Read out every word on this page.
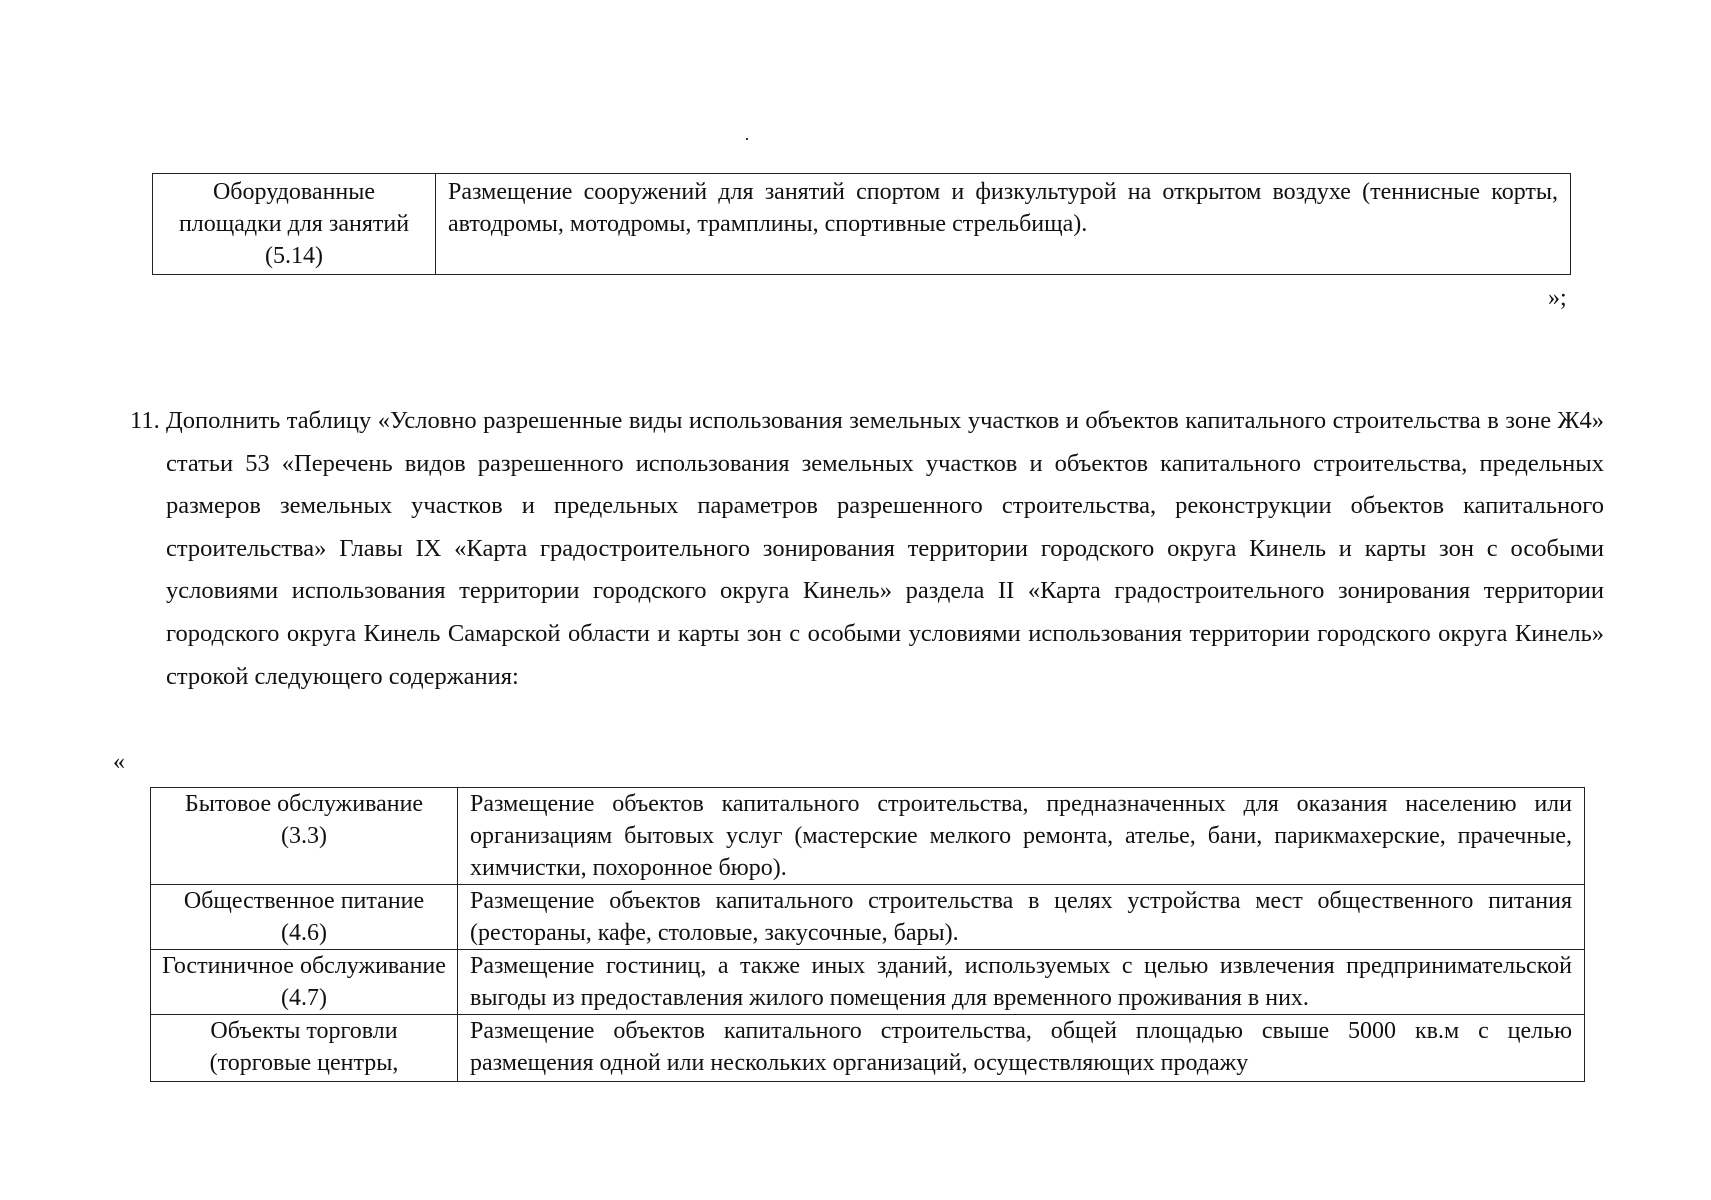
Оборудованные площадки для занятий (5.14)	Размещение сооружений для занятий спортом и физкультурой на открытом воздухе (теннисные корты, автодромы, мотодромы, трамплины, спортивные стрельбища).
»;
11. Дополнить таблицу «Условно разрешенные виды использования земельных участков и объектов капитального строительства в зоне Ж4» статьи 53 «Перечень видов разрешенного использования земельных участков и объектов капитального строительства, предельных размеров земельных участков и предельных параметров разрешенного строительства, реконструкции объектов капитального строительства» Главы IX «Карта градостроительного зонирования территории городского округа Кинель и карты зон с особыми условиями использования территории городского округа Кинель» раздела II «Карта градостроительного зонирования территории городского округа Кинель Самарской области и карты зон с особыми условиями использования территории городского округа Кинель» строкой следующего содержания:
«
Бытовое обслуживание (3.3)	Размещение объектов капитального строительства, предназначенных для оказания населению или организациям бытовых услуг (мастерские мелкого ремонта, ателье, бани, парикмахерские, прачечные, химчистки, похоронное бюро).
Общественное питание (4.6)	Размещение объектов капитального строительства в целях устройства мест общественного питания (рестораны, кафе, столовые, закусочные, бары).
Гостиничное обслуживание (4.7)	Размещение гостиниц, а также иных зданий, используемых с целью извлечения предпринимательской выгоды из предоставления жилого помещения для временного проживания в них.

Объекты торговли (торговые центры,	Размещение объектов капитального строительства, общей площадью свыше 5000 кв.м с целью размещения одной или нескольких организаций, осуществляющих продажу
